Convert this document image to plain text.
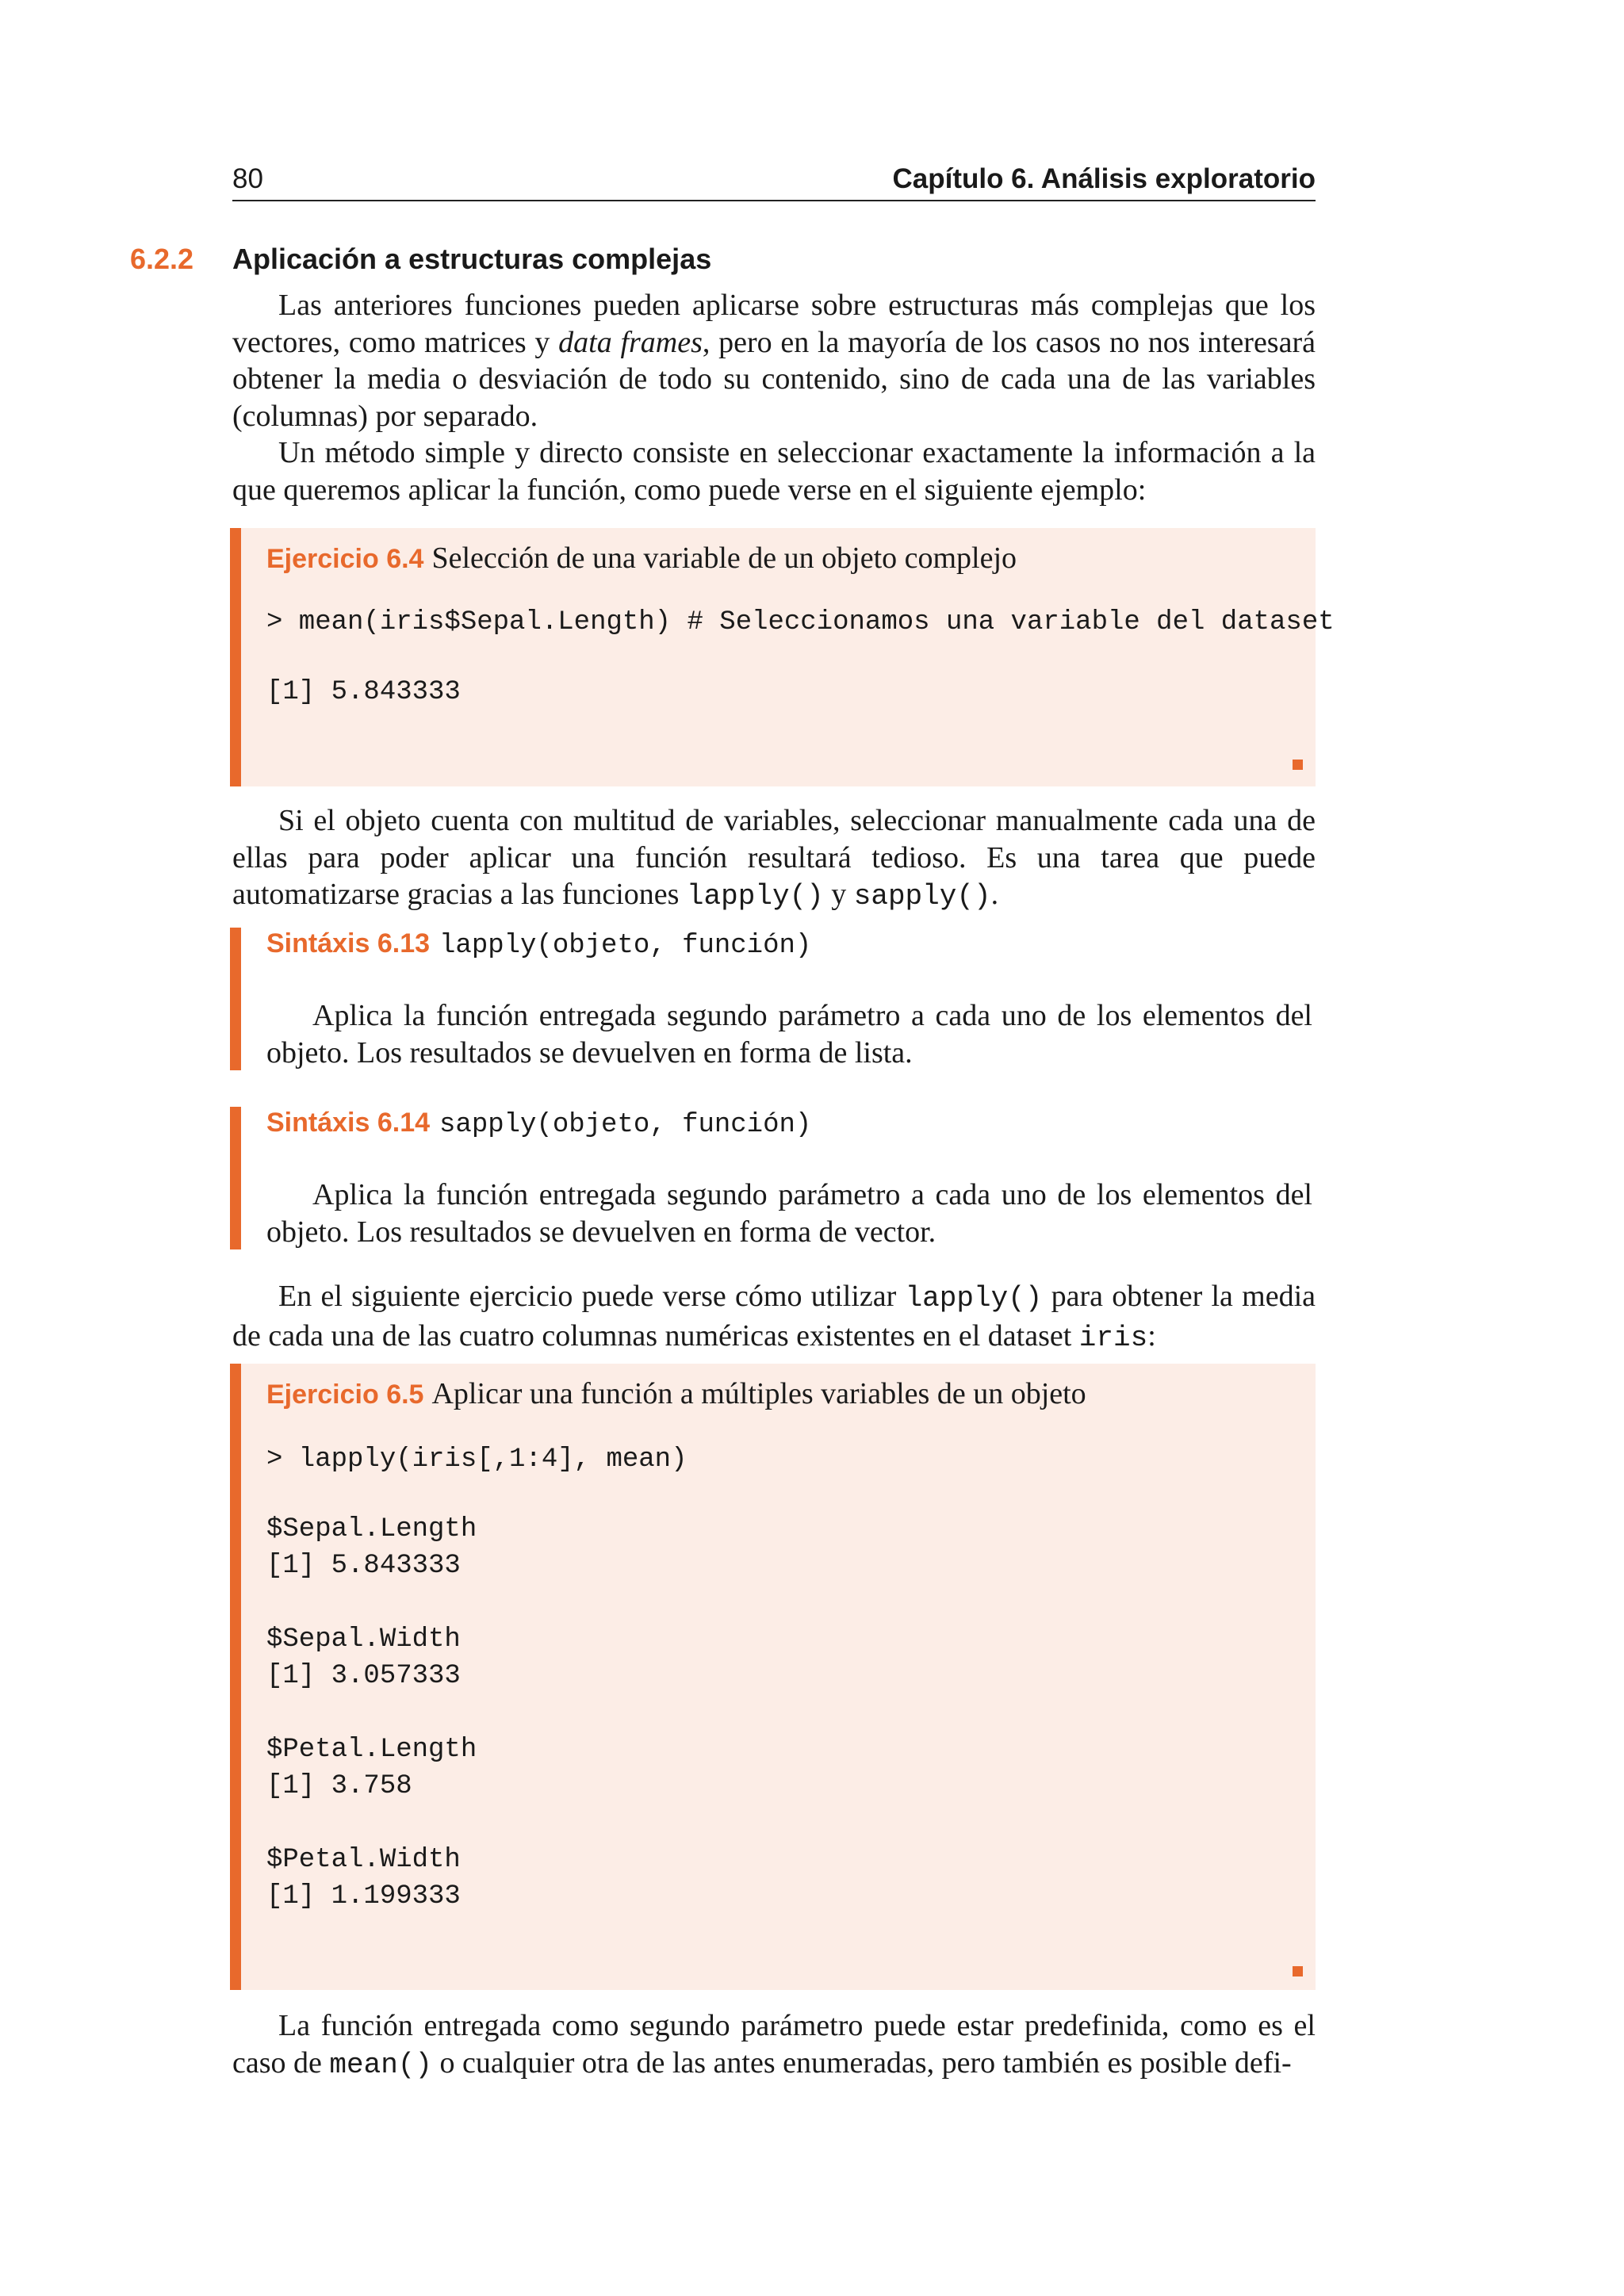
80	Capítulo 6. Análisis exploratorio
6.2.2 Aplicación a estructuras complejas
Las anteriores funciones pueden aplicarse sobre estructuras más complejas que los vectores, como matrices y data frames, pero en la mayoría de los casos no nos interesará obtener la media o desviación de todo su contenido, sino de cada una de las variables (columnas) por separado.
Un método simple y directo consiste en seleccionar exactamente la información a la que queremos aplicar la función, como puede verse en el siguiente ejemplo:
Ejercicio 6.4 Selección de una variable de un objeto complejo
> mean(iris$Sepal.Length) # Seleccionamos una variable del dataset
[1] 5.843333
Si el objeto cuenta con multitud de variables, seleccionar manualmente cada una de ellas para poder aplicar una función resultará tedioso. Es una tarea que puede automatizarse gracias a las funciones lapply() y sapply().
Sintáxis 6.13 lapply(objeto, función)
Aplica la función entregada segundo parámetro a cada uno de los elementos del objeto. Los resultados se devuelven en forma de lista.
Sintáxis 6.14 sapply(objeto, función)
Aplica la función entregada segundo parámetro a cada uno de los elementos del objeto. Los resultados se devuelven en forma de vector.
En el siguiente ejercicio puede verse cómo utilizar lapply() para obtener la media de cada una de las cuatro columnas numéricas existentes en el dataset iris:
Ejercicio 6.5 Aplicar una función a múltiples variables de un objeto
> lapply(iris[,1:4], mean)
$Sepal.Length
[1] 5.843333
$Sepal.Width
[1] 3.057333
$Petal.Length
[1] 3.758
$Petal.Width
[1] 1.199333
La función entregada como segundo parámetro puede estar predefinida, como es el caso de mean() o cualquier otra de las antes enumeradas, pero también es posible defi-
